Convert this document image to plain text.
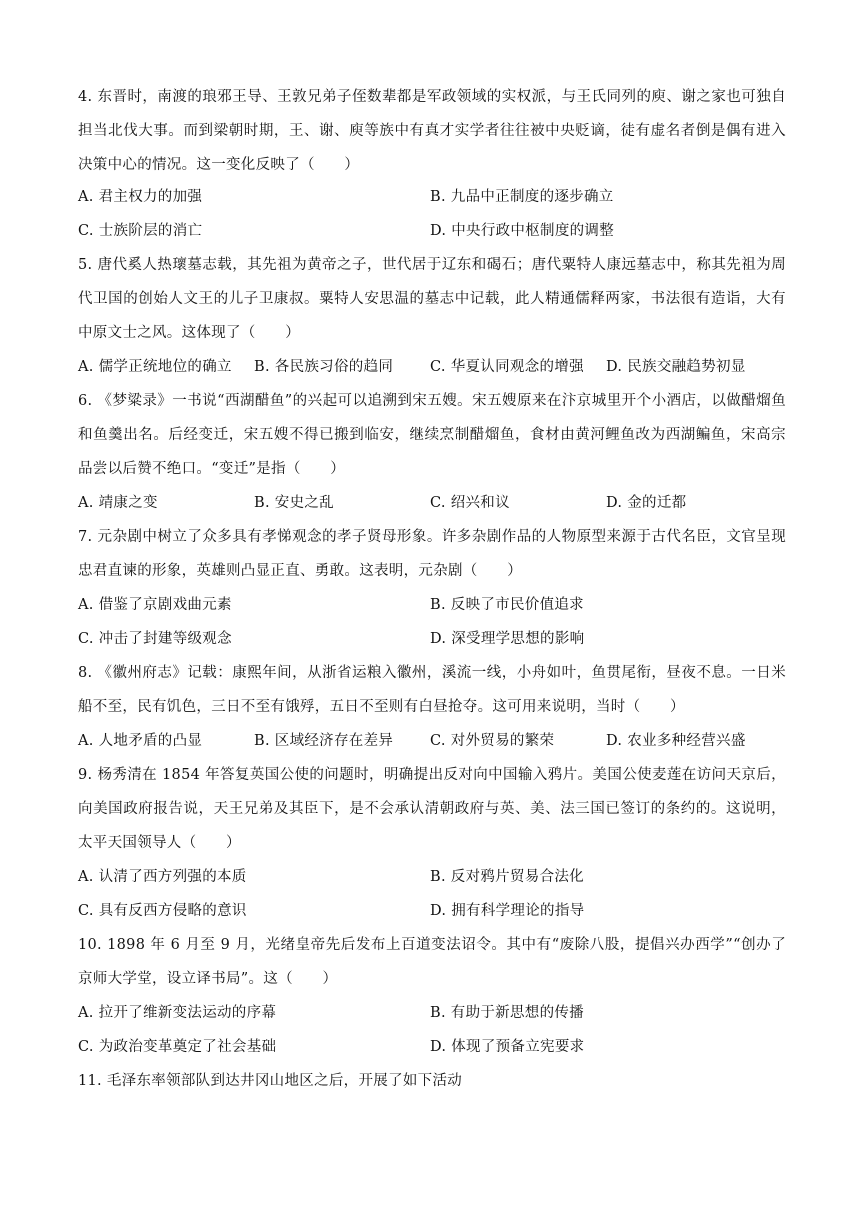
4. 东晋时，南渡的琅邪王导、王敦兄弟子侄数辈都是军政领域的实权派，与王氏同列的庾、谢之家也可独自担当北伐大事。而到梁朝时期，王、谢、庾等族中有真才实学者往往被中央贬谪，徒有虚名者倒是偶有进入决策中心的情况。这一变化反映了（　　）
A. 君主权力的加强	B. 九品中正制度的逐步确立
C. 士族阶层的消亡	D. 中央行政中枢制度的调整
5. 唐代奚人热瓌墓志载，其先祖为黄帝之子，世代居于辽东和碣石；唐代粟特人康远墓志中，称其先祖为周代卫国的创始人文王的儿子卫康叔。粟特人安思温的墓志中记载，此人精通儒释两家，书法很有造诣，大有中原文士之风。这体现了（　　）
A. 儒学正统地位的确立 B. 各民族习俗的趋同	C. 华夏认同观念的增强 D. 民族交融趋势初显
6. 《梦粱录》一书说“西湖醋鱼”的兴起可以追溯到宋五嫂。宋五嫂原来在汴京城里开个小酒店，以做醋熘鱼和鱼羹出名。后经变迁，宋五嫂不得已搬到临安，继续烹制醋熘鱼，食材由黄河鲤鱼改为西湖鳊鱼，宋高宗品尝以后赞不绝口。“变迁”是指（　　）
A. 靖康之变	B. 安史之乱	C. 绍兴和议	D. 金的迁都
7. 元杂剧中树立了众多具有孝悌观念的孝子贤母形象。许多杂剧作品的人物原型来源于古代名臣，文官呈现忠君直谏的形象，英雄则凸显正直、勇敢。这表明，元杂剧（　　）
A. 借鉴了京剧戏曲元素	B. 反映了市民价值追求
C. 冲击了封建等级观念	D. 深受理学思想的影响
8. 《徽州府志》记载：康熙年间，从浙省运粮入徽州，溪流一线，小舟如叶，鱼贯尾衔，昼夜不息。一日米船不至，民有饥色，三日不至有饿殍，五日不至则有白昼抢夺。这可用来说明，当时（　　）
A. 人地矛盾的凸显	B. 区域经济存在差异	C. 对外贸易的繁荣	D. 农业多种经营兴盛
9. 杨秀清在 1854 年答复英国公使的问题时，明确提出反对向中国输入鸦片。美国公使麦莲在访问天京后，向美国政府报告说，天王兄弟及其臣下，是不会承认清朝政府与英、美、法三国已签订的条约的。这说明，太平天国领导人（　　）
A. 认清了西方列强的本质	B. 反对鸦片贸易合法化
C. 具有反西方侵略的意识	D. 拥有科学理论的指导
10. 1898 年 6 月至 9 月，光绪皇帝先后发布上百道变法诏令。其中有“废除八股，提倡兴办西学”“创办了京师大学堂，设立译书局”。这（　　）
A. 拉开了维新变法运动的序幕	B. 有助于新思想的传播
C. 为政治变革奠定了社会基础	D. 体现了预备立宪要求
11. 毛泽东率领部队到达井冈山地区之后，开展了如下活动
